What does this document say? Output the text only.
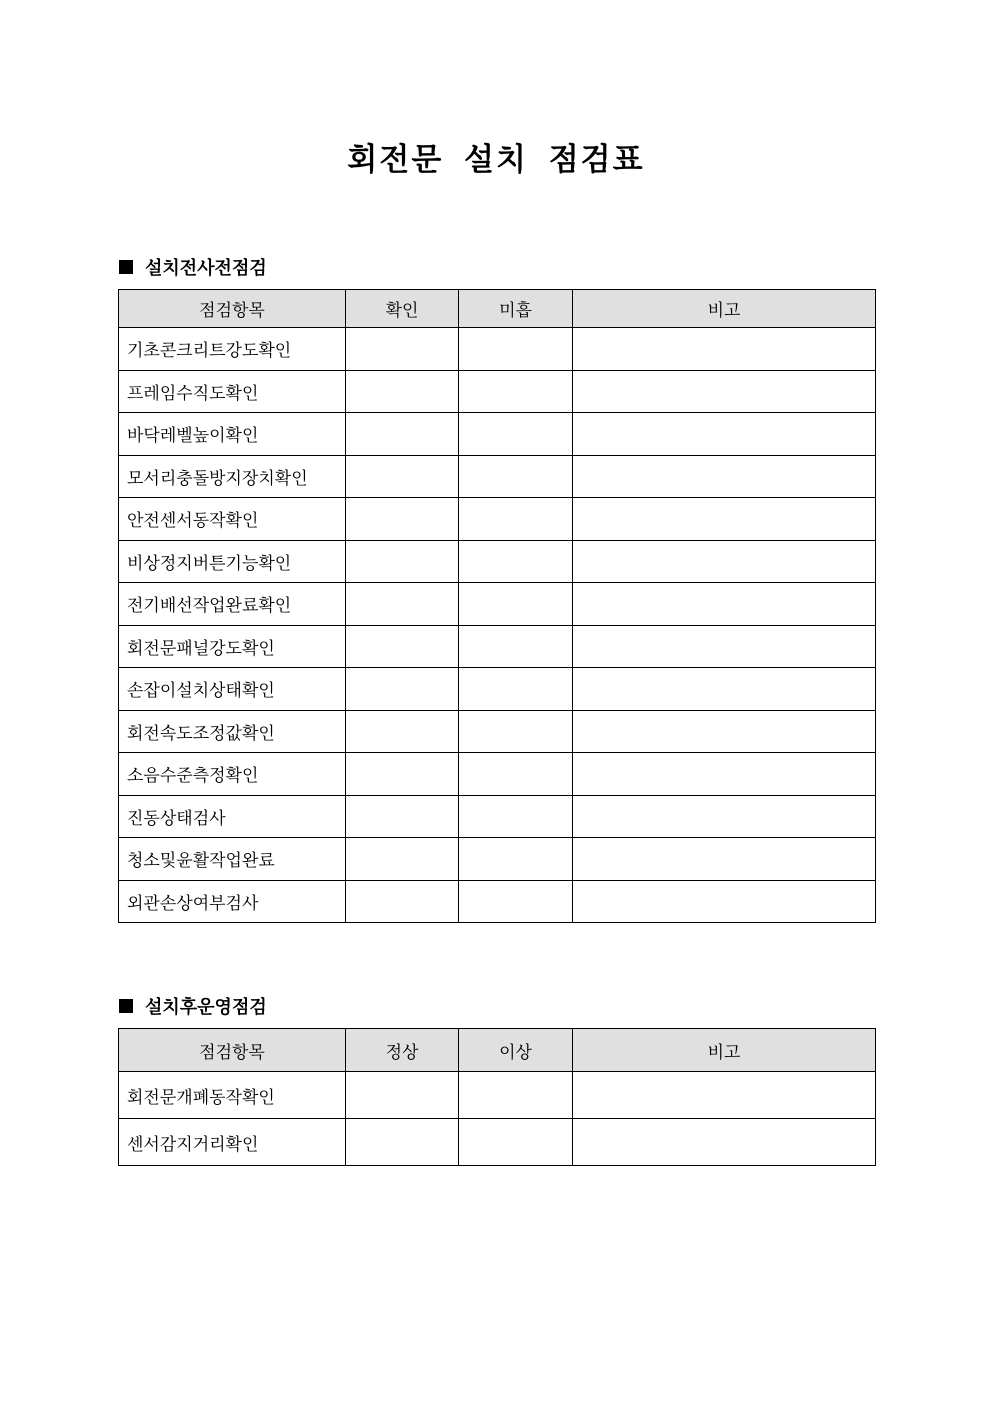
회전문 설치 점검표
설치전사전점검
점검항목	확인	미흡	비고
기초콘크리트강도확인			
프레임수직도확인			
바닥레벨높이확인			
모서리충돌방지장치확인			
안전센서동작확인			
비상정지버튼기능확인			
전기배선작업완료확인			
회전문패널강도확인			
손잡이설치상태확인			
회전속도조정값확인			
소음수준측정확인			
진동상태검사			
청소및윤활작업완료			
외관손상여부검사			
설치후운영점검
점검항목	정상	이상	비고
회전문개폐동작확인			
센서감지거리확인			
